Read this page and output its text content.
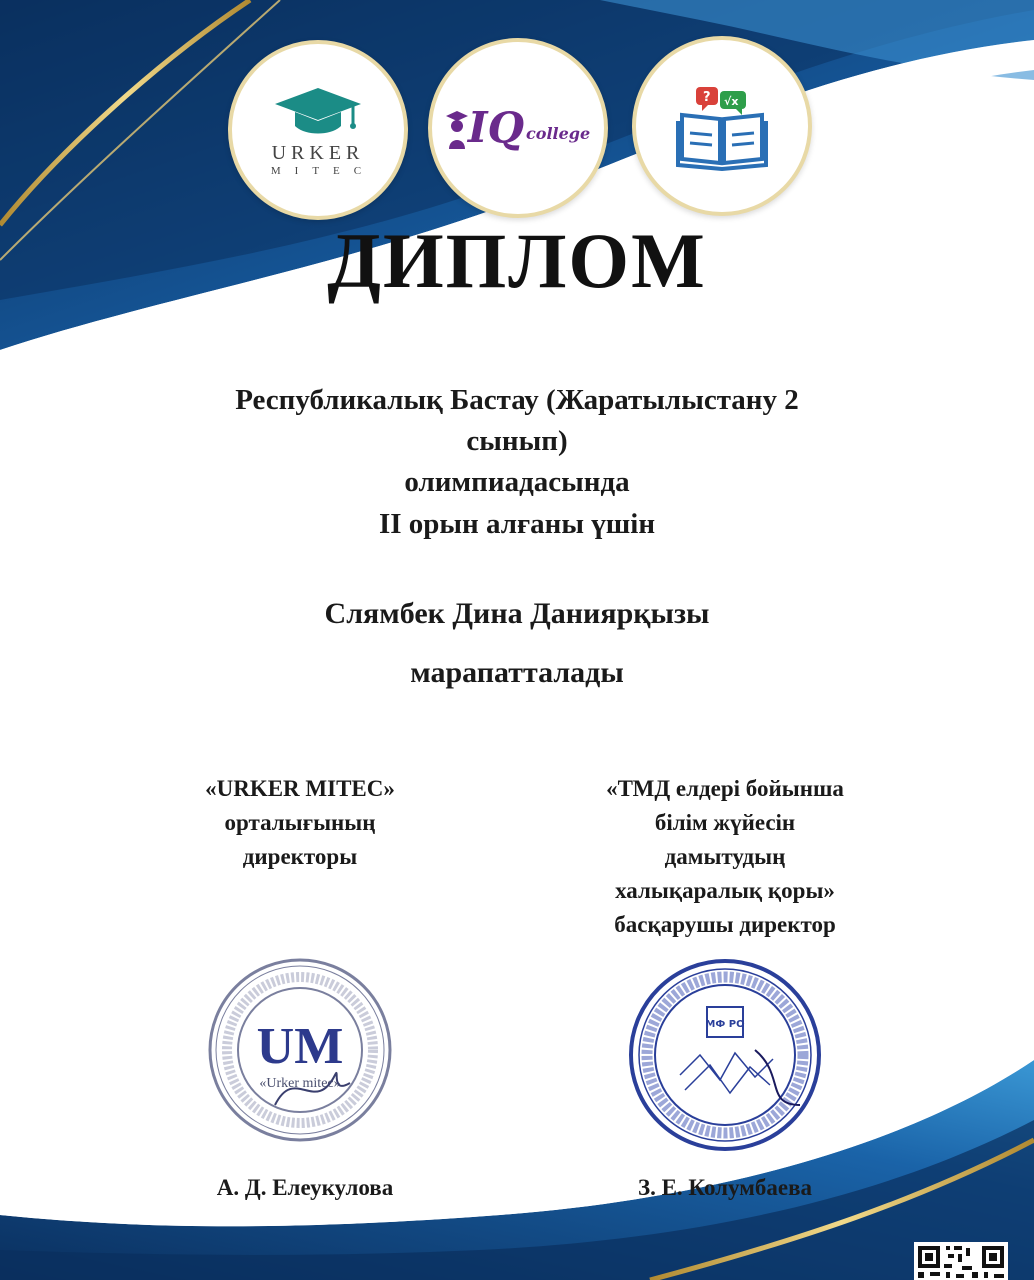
URKER
MITEC
IQ college
? √x
ДИПЛОМ
Республикалық Бастау (Жаратылыстану 2
сынып)
олимпиадасында
II орын алғаны үшін
Слямбек Дина Даниярқызы
марапатталады
«URKER MITEC»
орталығының
директоры
«ТМД елдері бойынша
білім жүйесін
дамытудың
халықаралық қоры»
басқарушы директор
UM
«Urker mitec»
МФ РО
А. Д. Елеукулова	З. Е. Колумбаева
